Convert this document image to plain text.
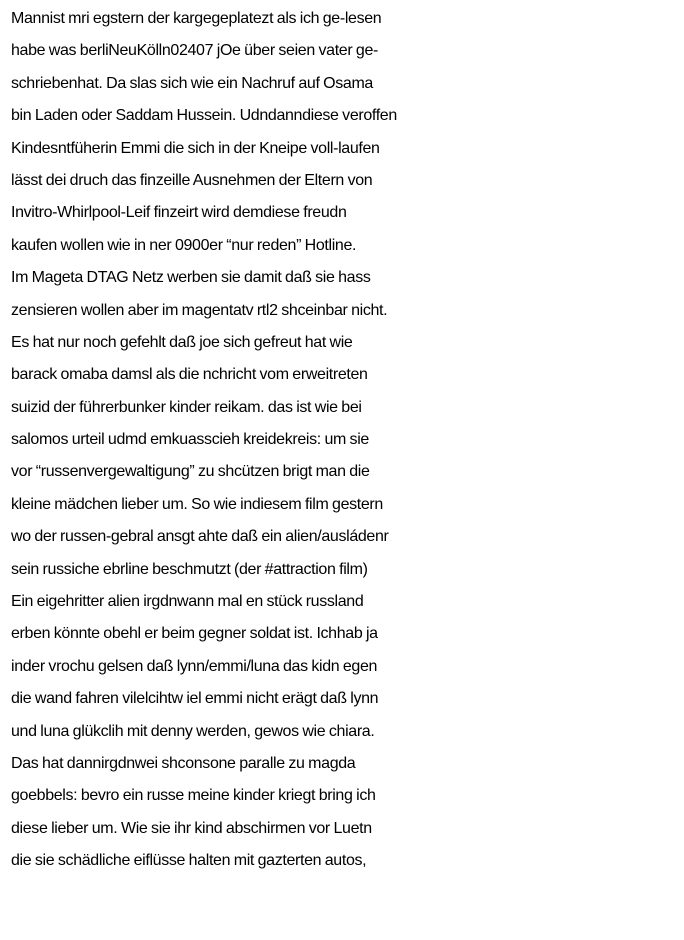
Mannist mri egstern der kargegeplatezt als ich ge-lesen
habe was berliNeuKölln02407 jOe über seien vater ge-
schriebenhat. Da slas sich wie ein Nachruf auf Osama
bin Laden oder Saddam Hussein. Udndanndiese veroffen
Kindesntfüherin Emmi die sich in der Kneipe voll-laufen
lässt dei druch das finzeille Ausnehmen der Eltern von
Invitro-Whirlpool-Leif finzeirt wird demdiese freudn
kaufen wollen wie in ner 0900er “nur reden” Hotline.
Im Mageta DTAG Netz werben sie damit daß sie hass
zensieren wollen aber im magentatv rtl2 shceinbar nicht.
Es hat nur noch gefehlt daß joe sich gefreut hat wie
barack omaba damsl als die nchricht vom erweitreten
suizid der führerbunker kinder reikam. das ist wie bei
salomos urteil udmd emkuasscieh kreidekreis: um sie
vor “russenvergewaltigung” zu shcützen brigt man die
kleine mädchen lieber um. So wie indiesem film gestern
wo der russen-gebral ansgt ahte daß ein alien/ausládenr
sein russiche ebrline beschmutzt (der #attraction film)
Ein eigehritter alien irgdnwann mal en stück russland
erben könnte obehl er beim gegner soldat ist. Ichhab ja
inder vrochu gelsen daß lynn/emmi/luna das kidn egen
die wand fahren vilelcihtw iel emmi nicht erägt daß lynn
und luna glükclih mit denny werden, gewos wie chiara.
Das hat dannirgdnwei shconsone paralle zu magda
goebbels: bevro ein russe meine kinder kriegt bring ich
diese lieber um. Wie sie ihr kind abschirmen vor Luetn
die sie schädliche eiflüsse halten mit gazterten autos,
